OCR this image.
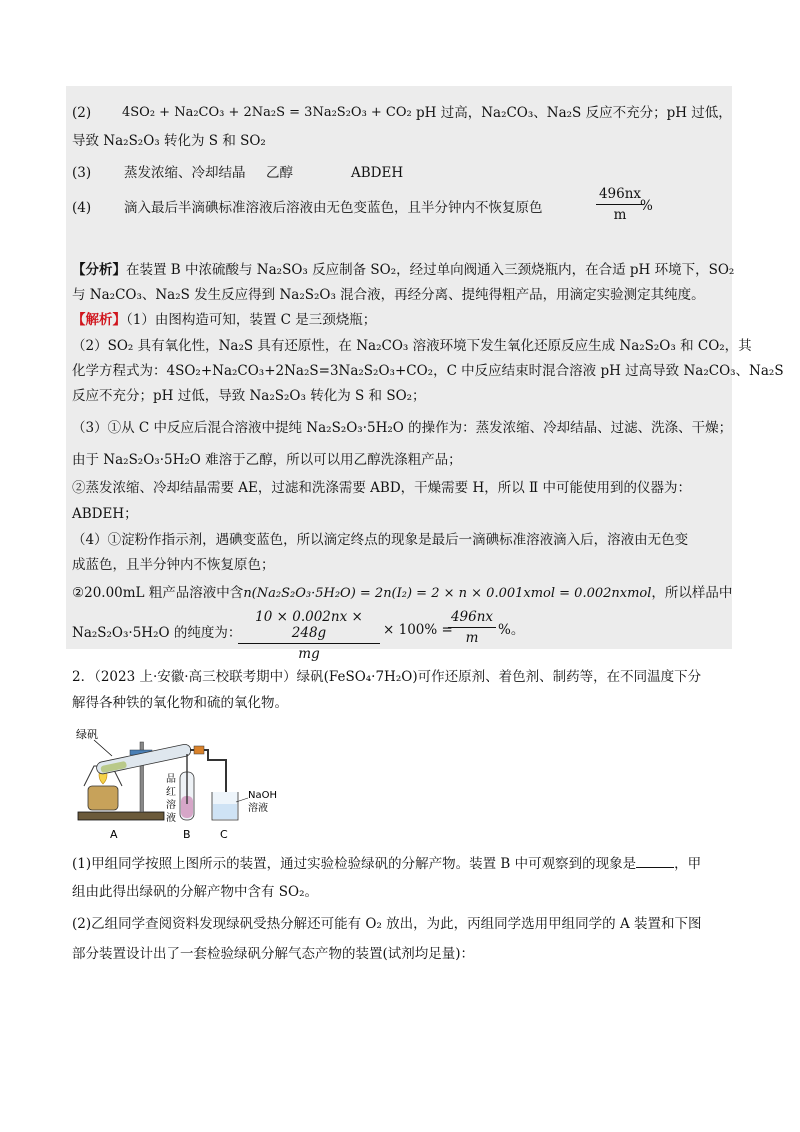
(2) 4SO₂ + Na₂CO₃ + 2Na₂S = 3Na₂S₂O₃ + CO₂ pH 过高，Na₂CO₃、Na₂S 反应不充分；pH 过低，
导致 Na₂S₂O₃ 转化为 S 和 SO₂
(3) 蒸发浓缩、冷却结晶 乙醇	ABDEH
(4) 滴入最后半滴碘标准溶液后溶液由无色变蓝色，且半分钟内不恢复原色	$\frac{496nx}{m}$
%
【分析】在装置 B 中浓硫酸与 Na₂SO₃ 反应制备 SO₂，经过单向阀通入三颈烧瓶内，在合适 pH 环境下，SO₂
与 Na₂CO₃、Na₂S 发生反应得到 Na₂S₂O₃ 混合液，再经分离、提纯得粗产品，用滴定实验测定其纯度。
【解析】（1）由图构造可知，装置 C 是三颈烧瓶；
（2）SO₂ 具有氧化性，Na₂S 具有还原性，在 Na₂CO₃ 溶液环境下发生氧化还原反应生成 Na₂S₂O₃ 和 CO₂，其
化学方程式为：4SO₂+Na₂CO₃+2Na₂S=3Na₂S₂O₃+CO₂，C 中反应结束时混合溶液 pH 过高导致 Na₂CO₃、Na₂S
反应不充分；pH 过低，导致 Na₂S₂O₃ 转化为 S 和 SO₂；
（3）①从 C 中反应后混合溶液中提纯 Na₂S₂O₃·5H₂O 的操作为：蒸发浓缩、冷却结晶、过滤、洗涤、干燥；
由于 Na₂S₂O₃·5H₂O 难溶于乙醇，所以可以用乙醇洗涤粗产品；
②蒸发浓缩、冷却结晶需要 AE，过滤和洗涤需要 ABD，干燥需要 H，所以 Ⅱ 中可能使用到的仪器为：
ABDEH；
（4）①淀粉作指示剂，遇碘变蓝色，所以滴定终点的现象是最后一滴碘标准溶液滴入后，溶液由无色变
成蓝色，且半分钟内不恢复原色；
②20.00mL 粗产品溶液中含n(Na₂S₂O₃·5H₂O) = 2n(I₂) = 2 × n × 0.001xmol = 0.002nxmol，所以样品中
Na₂S₂O₃·5H₂O 的纯度为：
$\frac{10 \times 0.002nx \times 248g}{mg} \times 100\%$ =
$\frac{496nx}{m}$ %。
2．（2023 上·安徽·高三校联考期中）绿矾(FeSO₄·7H₂O)可作还原剂、着色剂、制药等，在不同温度下分
解得各种铁的氧化物和硫的氧化物。
绿矾
品
红
溶
液
NaOH
溶液
A	B	C
(1)甲组同学按照上图所示的装置，通过实验检验绿矾的分解产物。装置 B 中可观察到的现象是	，甲
组由此得出绿矾的分解产物中含有 SO₂。
(2)乙组同学查阅资料发现绿矾受热分解还可能有 O₂ 放出，为此，丙组同学选用甲组同学的 A 装置和下图
部分装置设计出了一套检验绿矾分解气态产物的装置(试剂均足量)：
